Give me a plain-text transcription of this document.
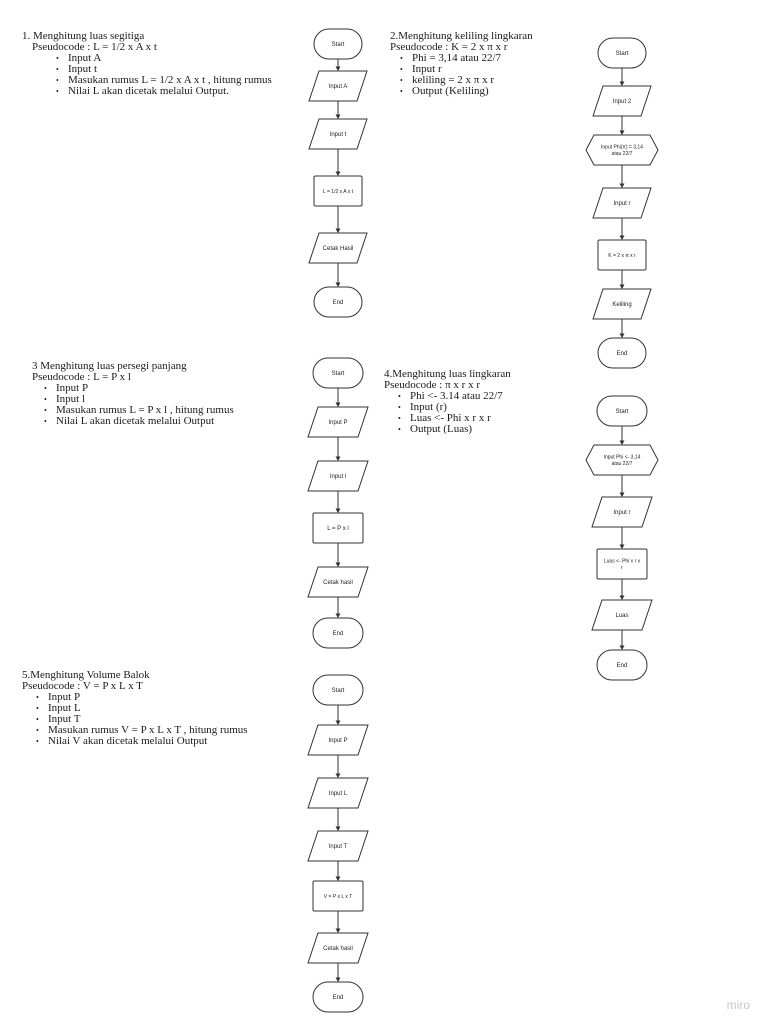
1. Menghitung luas segitiga
Pseudocode : L = 1/2 x A x t
• Input A
• Input t
• Masukan rumus L = 1/2 x A x t , hitung rumus
• Nilai L akan dicetak melalui Output.
2.Menghitung keliling lingkaran
Pseudocode : K = 2 x π x r
• Phi = 3,14 atau 22/7
• Input r
• keliling = 2 x π x r
• Output (Keliling)
3 Menghitung luas persegi panjang
Pseudocode : L = P x l
• Input P
• Input l
• Masukan rumus L = P x l , hitung rumus
• Nilai L akan dicetak melalui Output
4.Menghitung luas lingkaran
Pseudocode : π x r x r
• Phi <- 3.14 atau 22/7
• Input (r)
• Luas <- Phi x r x r
• Output (Luas)
5.Menghitung Volume Balok
Pseudocode : V = P x L x T
• Input P
• Input L
• Input T
• Masukan rumus V = P x L x T , hitung rumus
• Nilai V akan dicetak melalui Output
Start
Input A
Input t
L = 1/2 x A x t
Cetak Hasil
End
Start
Input 2
Input Phi(π) = 3,14 atau 22/7
Input r
K = 2 x π x r
Keliling
End
Start
Input P
Input l
L = P x l
Cetak hasil
End
Start
Input Phi <- 3,14 atau 22/7
Input r
Luas <- Phi x r x r
Luas
End
Start
Input P
Input L
Input T
V = P x L x T
Cetak hasil
End	miro
